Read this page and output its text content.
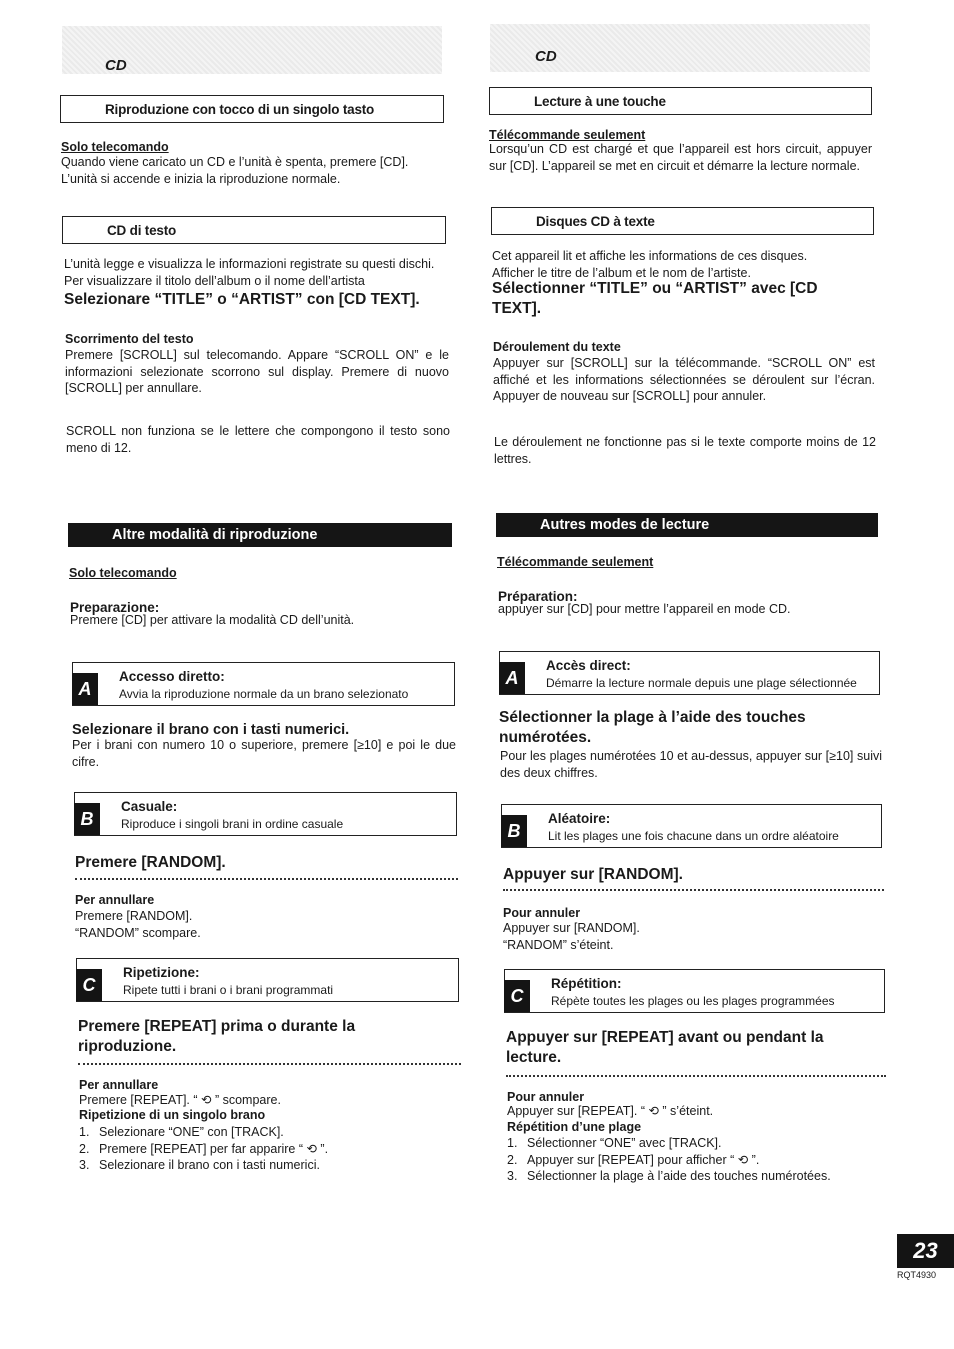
CD
Riproduzione con tocco di un singolo tasto
Solo telecomando
Quando viene caricato un CD e l’unità è spenta, premere [CD]. L’unità si accende e inizia la riproduzione normale.
CD di testo
L’unità legge e visualizza le informazioni registrate su questi dischi. Per visualizzare il titolo dell’album o il nome dell’artista
Selezionare “TITLE” o “ARTIST” con [CD TEXT].
Scorrimento del testo
Premere [SCROLL] sul telecomando. Appare “SCROLL ON” e le informazioni selezionate scorrono sul display. Premere di nuovo [SCROLL] per annullare.
SCROLL non funziona se le lettere che compongono il testo sono meno di 12.
Altre modalità di riproduzione
Solo telecomando
Preparazione:
Premere [CD] per attivare la modalità CD dell’unità.
A
Accesso diretto:
Avvia la riproduzione normale da un brano selezionato
Selezionare il brano con i tasti numerici.
Per i brani con numero 10 o superiore, premere [≥10] e poi le due cifre.
B
Casuale:
Riproduce i singoli brani in ordine casuale
Premere [RANDOM].
Per annullare
Premere [RANDOM]. “RANDOM” scompare.
C
Ripetizione:
Ripete tutti i brani o i brani programmati
Premere [REPEAT] prima o durante la riproduzione.
Per annullare
Premere [REPEAT]. “ ⟲ ” scompare.
Ripetizione di un singolo brano
1. Selezionare “ONE” con [TRACK].
2. Premere [REPEAT] per far apparire “ ⟲ ”.
3. Selezionare il brano con i tasti numerici.
CD
Lecture à une touche
Télécommande seulement
Lorsqu’un CD est chargé et que l’appareil est hors circuit, appuyer sur [CD]. L’appareil se met en circuit et démarre la lecture normale.
Disques CD à texte
Cet appareil lit et affiche les informations de ces disques. Afficher le titre de l’album et le nom de l’artiste.
Sélectionner “TITLE” ou “ARTIST” avec [CD TEXT].
Déroulement du texte
Appuyer sur [SCROLL] sur la télécommande. “SCROLL ON” est affiché et les informations sélectionnées se déroulent sur l’écran. Appuyer de nouveau sur [SCROLL] pour annuler.
Le déroulement ne fonctionne pas si le texte comporte moins de 12 lettres.
Autres modes de lecture
Télécommande seulement
Préparation:
appuyer sur [CD] pour mettre l’appareil en mode CD.
A
Accès direct:
Démarre la lecture normale depuis une plage sélectionnée
Sélectionner la plage à l’aide des touches numérotées.
Pour les plages numérotées 10 et au-dessus, appuyer sur [≥10] suivi des deux chiffres.
B
Aléatoire:
Lit les plages une fois chacune dans un ordre aléatoire
Appuyer sur [RANDOM].
Pour annuler
Appuyer sur [RANDOM]. “RANDOM” s’éteint.
C
Répétition:
Répète toutes les plages ou les plages programmées
Appuyer sur [REPEAT] avant ou pendant la lecture.
Pour annuler
Appuyer sur [REPEAT]. “ ⟲ ” s’éteint.
Répétition d’une plage
1. Sélectionner “ONE” avec [TRACK].
2. Appuyer sur [REPEAT] pour afficher “ ⟲ ”.
3. Sélectionner la plage à l’aide des touches numérotées.
23
RQT4930
